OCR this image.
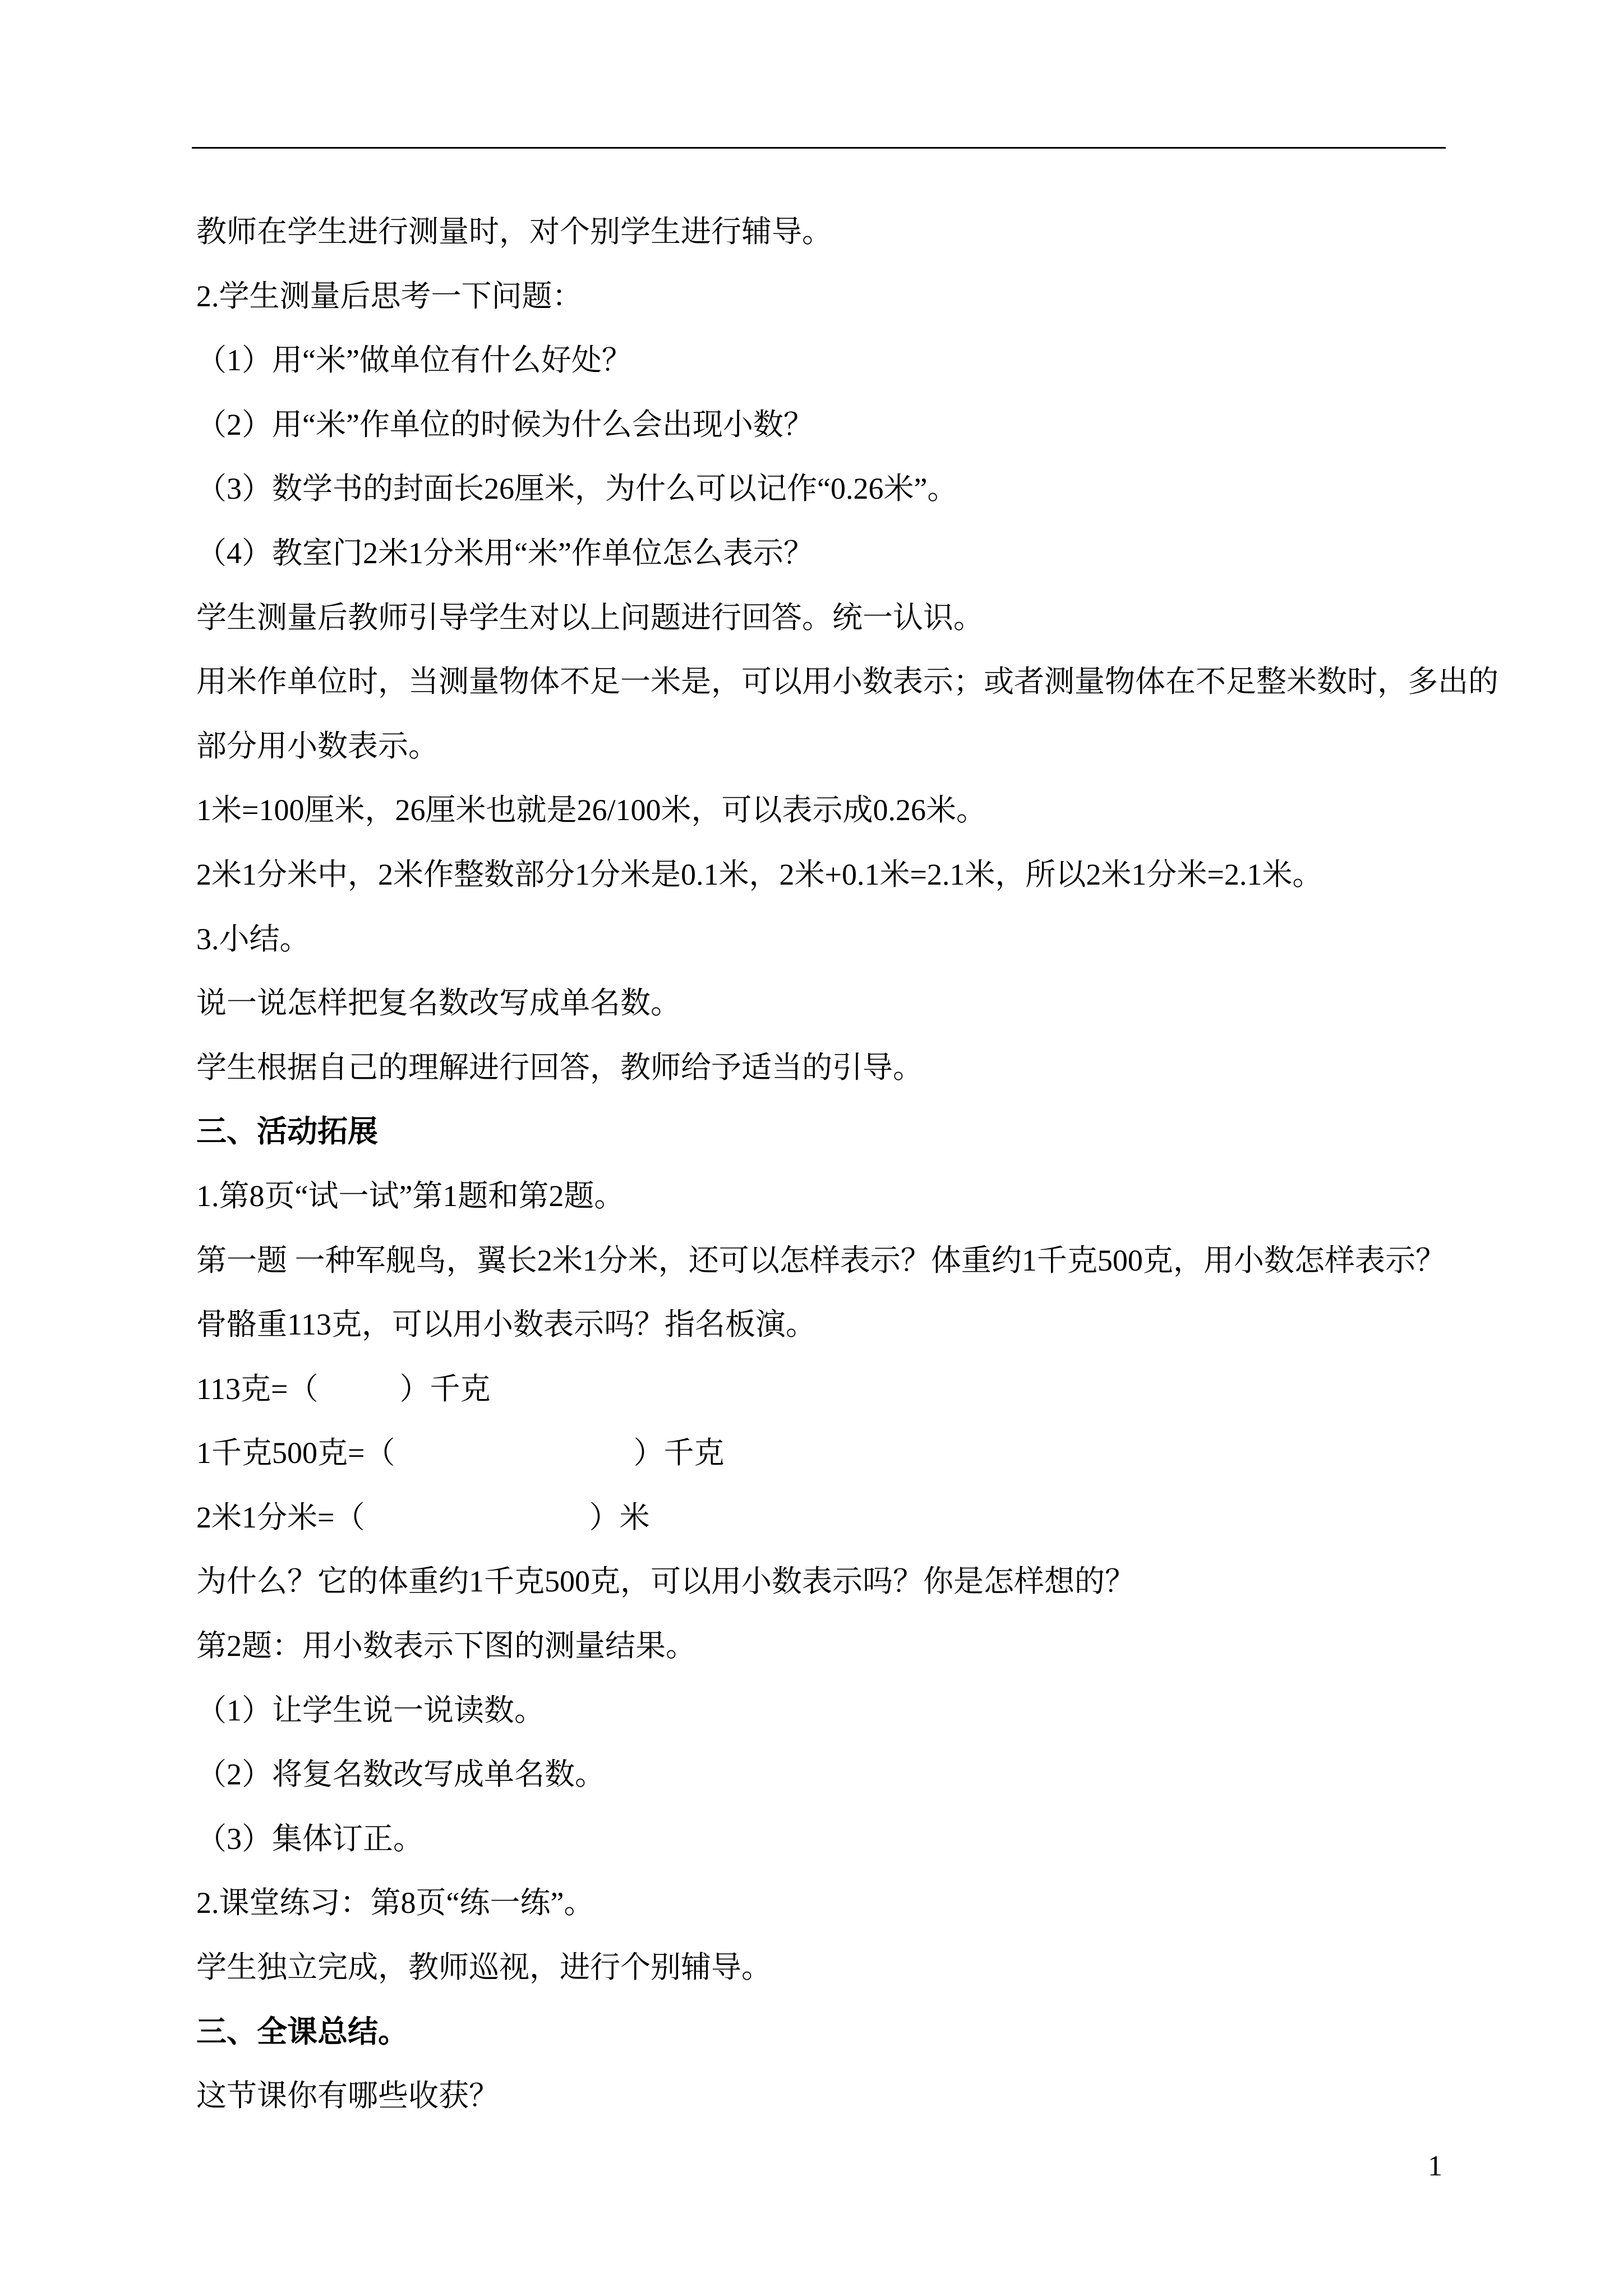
教师在学生进行测量时，对个别学生进行辅导。
2.学生测量后思考一下问题：
（1）用“米”做单位有什么好处？
（2）用“米”作单位的时候为什么会出现小数？
（3）数学书的封面长26厘米，为什么可以记作“0.26米”。
（4）教室门2米1分米用“米”作单位怎么表示？
学生测量后教师引导学生对以上问题进行回答。统一认识。
用米作单位时，当测量物体不足一米是，可以用小数表示；或者测量物体在不足整米数时，多出的
部分用小数表示。
1米=100厘米，26厘米也就是26/100米，可以表示成0.26米。
2米1分米中，2米作整数部分1分米是0.1米，2米+0.1米=2.1米，所以2米1分米=2.1米。
3.小结。
说一说怎样把复名数改写成单名数。
学生根据自己的理解进行回答，教师给予适当的引导。
三、活动拓展
1.第8页“试一试”第1题和第2题。
第一题 一种军舰鸟，翼长2米1分米，还可以怎样表示？体重约1千克500克，用小数怎样表示？
骨骼重113克，可以用小数表示吗？指名板演。
113克=（	）千克
1千克500克=（	）千克
2米1分米=（	）米
为什么？它的体重约1千克500克，可以用小数表示吗？你是怎样想的？
第2题：用小数表示下图的测量结果。
（1）让学生说一说读数。
（2）将复名数改写成单名数。
（3）集体订正。
2.课堂练习：第8页“练一练”。
学生独立完成，教师巡视，进行个别辅导。
三、全课总结。
这节课你有哪些收获？
1
